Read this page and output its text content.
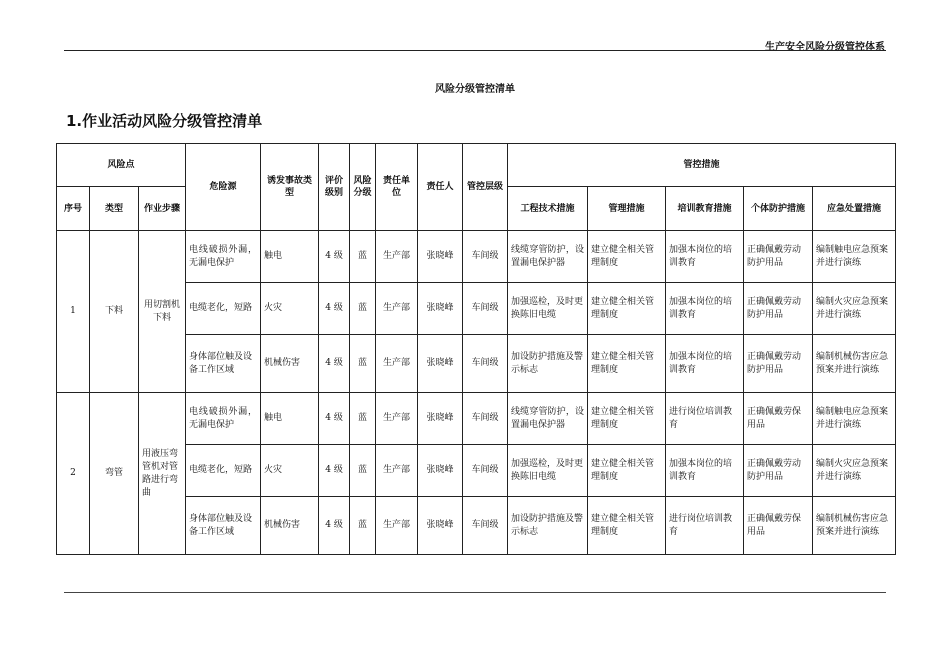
生产安全风险分级管控体系
风险分级管控清单
1.作业活动风险分级管控清单
风险点			危险源	诱发事故类型	评价级别	风险分级	责任单位	责任人	管控层级	管控措施				
序号	类型	作业步骤								工程技术措施	管理措施	培训教育措施	个体防护措施	应急处置措施
1	下料	用切割机下料	电线破损外漏，无漏电保护	触电	4 级	蓝	生产部	张晓峰	车间级	线缆穿管防护，设置漏电保护器	建立健全相关管理制度	加强本岗位的培训教育	正确佩戴劳动防护用品	编制触电应急预案并进行演练
			电缆老化，短路	火灾	4 级	蓝	生产部	张晓峰	车间级	加强巡检，及时更换陈旧电缆	建立健全相关管理制度	加强本岗位的培训教育	正确佩戴劳动防护用品	编制火灾应急预案并进行演练
			身体部位触及设备工作区域	机械伤害	4 级	蓝	生产部	张晓峰	车间级	加设防护措施及警示标志	建立健全相关管理制度	加强本岗位的培训教育	正确佩戴劳动防护用品	编制机械伤害应急预案并进行演练
2	弯管	用液压弯管机对管路进行弯曲	电线破损外漏，无漏电保护	触电	4 级	蓝	生产部	张晓峰	车间级	线缆穿管防护，设置漏电保护器	建立健全相关管理制度	进行岗位培训教育	正确佩戴劳保用品	编制触电应急预案并进行演练
			电缆老化，短路	火灾	4 级	蓝	生产部	张晓峰	车间级	加强巡检，及时更换陈旧电缆	建立健全相关管理制度	加强本岗位的培训教育	正确佩戴劳动防护用品	编制火灾应急预案并进行演练
			身体部位触及设备工作区域	机械伤害	4 级	蓝	生产部	张晓峰	车间级	加设防护措施及警示标志	建立健全相关管理制度	进行岗位培训教育	正确佩戴劳保用品	编制机械伤害应急预案并进行演练
